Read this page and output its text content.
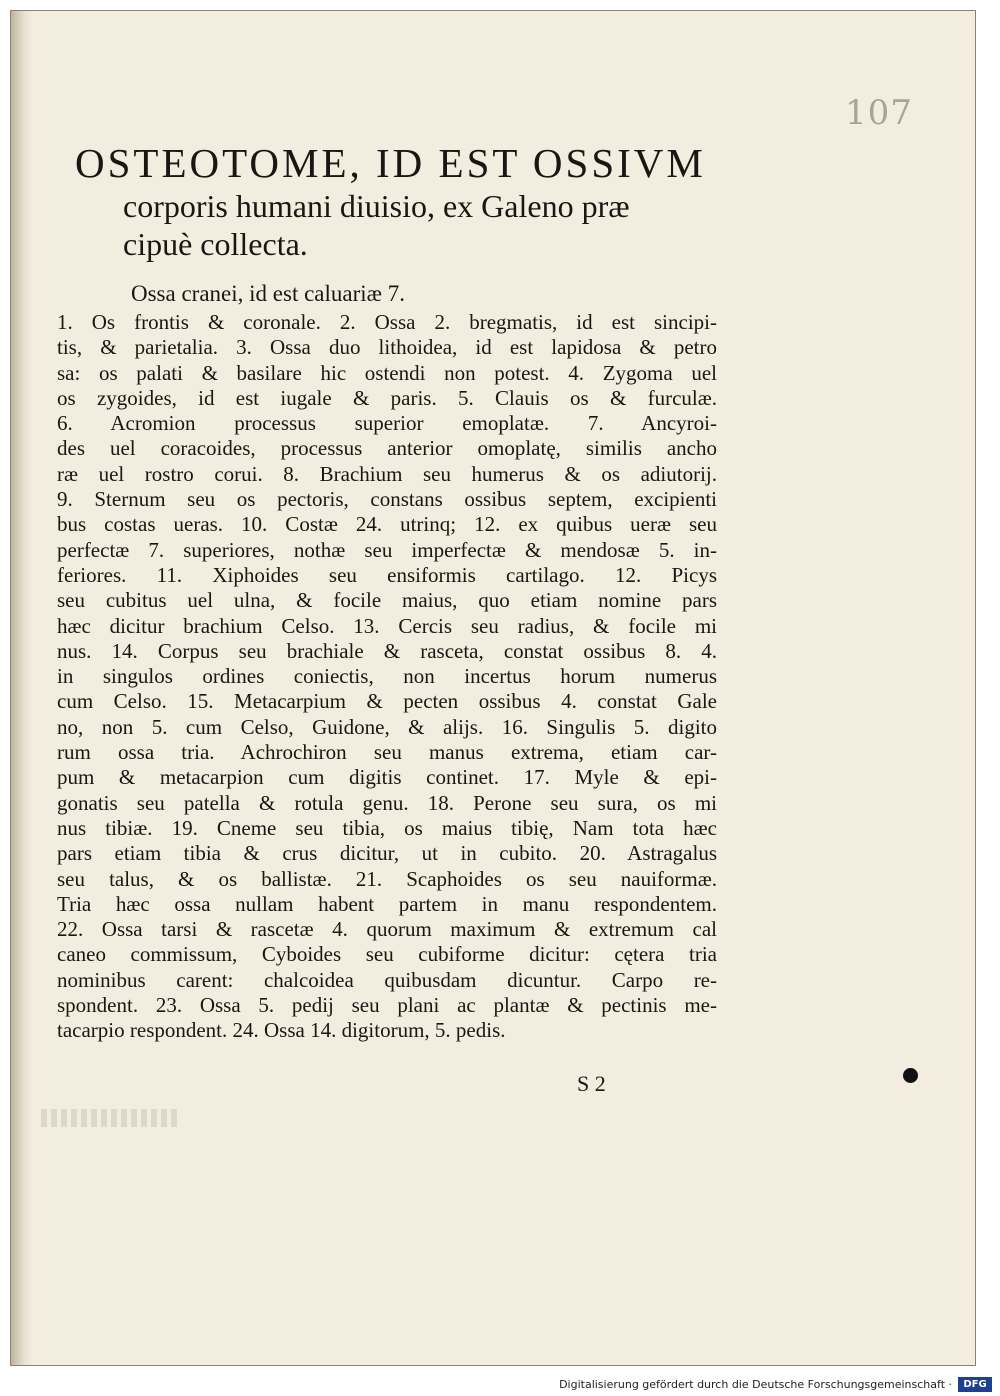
107
OSTEOTOME, ID EST OSSIVM
corporis humani diuisio, ex Galeno præ
cipuè collecta.
Ossa cranei, id est caluariæ 7.
1. Os frontis & coronale. 2. Ossa 2. bregmatis, id est sincipi-
tis, & parietalia. 3. Ossa duo lithoidea, id est lapidosa & petro
sa: os palati & basilare hic ostendi non potest. 4. Zygoma uel
os zygoides, id est iugale & paris. 5. Clauis os & furculæ.
6. Acromion processus superior emoplatæ. 7. Ancyroi-
des uel coracoides, processus anterior omoplatę, similis ancho
ræ uel rostro corui. 8. Brachium seu humerus & os adiutorij.
9. Sternum seu os pectoris, constans ossibus septem, excipienti
bus costas ueras. 10. Costæ 24. utrinq; 12. ex quibus ueræ seu
perfectæ 7. superiores, nothæ seu imperfectæ & mendosæ 5. in-
feriores. 11. Xiphoides seu ensiformis cartilago. 12. Picys
seu cubitus uel ulna, & focile maius, quo etiam nomine pars
hæc dicitur brachium Celso. 13. Cercis seu radius, & focile mi
nus. 14. Corpus seu brachiale & rasceta, constat ossibus 8. 4.
in singulos ordines coniectis, non incertus horum numerus
cum Celso. 15. Metacarpium & pecten ossibus 4. constat Gale
no, non 5. cum Celso, Guidone, & alijs. 16. Singulis 5. digito
rum ossa tria. Achrochiron seu manus extrema, etiam car-
pum & metacarpion cum digitis continet. 17. Myle & epi-
gonatis seu patella & rotula genu. 18. Perone seu sura, os mi
nus tibiæ. 19. Cneme seu tibia, os maius tibię, Nam tota hæc
pars etiam tibia & crus dicitur, ut in cubito. 20. Astragalus
seu talus, & os ballistæ. 21. Scaphoides os seu nauiformæ.
Tria hæc ossa nullam habent partem in manu respondentem.
22. Ossa tarsi & rascetæ 4. quorum maximum & extremum cal
caneo commissum, Cyboides seu cubiforme dicitur: cętera tria
nominibus carent: chalcoidea quibusdam dicuntur. Carpo re-
spondent. 23. Ossa 5. pedij seu plani ac plantæ & pectinis me-
tacarpio respondent. 24. Ossa 14. digitorum, 5. pedis.
S 2
Digitalisierung gefördert durch die Deutsche Forschungsgemeinschaft ·	DFG
